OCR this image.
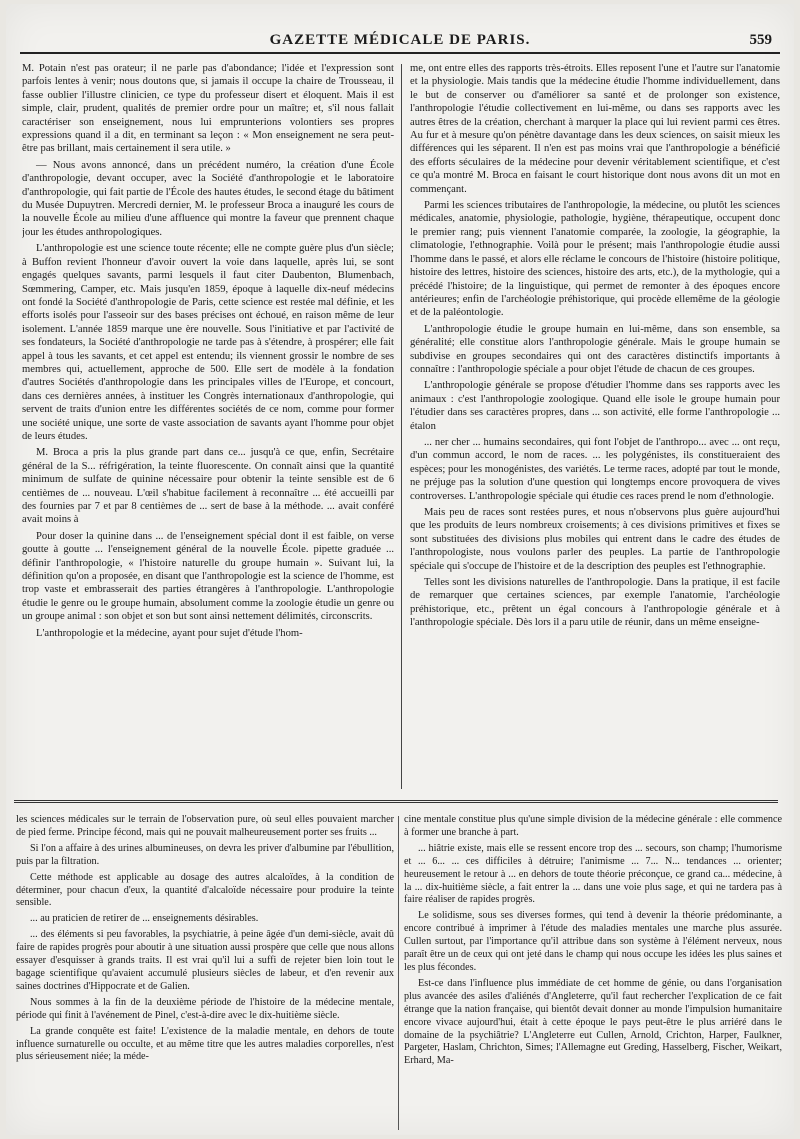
GAZETTE MÉDICALE DE PARIS.	559

M. Potain n'est pas orateur; il ne parle pas d'abondance; l'idée et l'expression sont parfois lentes à venir; nous doutons que, si jamais il occupe la chaire de Trousseau, il fasse oublier l'illustre clinicien, ce type du professeur disert et éloquent. Mais il est simple, clair, prudent, qualités de premier ordre pour un maître; et, s'il nous fallait caractériser son enseignement, nous lui emprunterions volontiers ses propres expressions quand il a dit, en terminant sa leçon : « Mon enseignement ne sera peut-être pas brillant, mais certainement il sera utile. »

— Nous avons annoncé, dans un précédent numéro, la création d'une École d'anthropologie, devant occuper, avec la Société d'anthropologie et le laboratoire d'anthropologie, qui fait partie de l'École des hautes études, le second étage du bâtiment du Musée Dupuytren. Mercredi dernier, M. le professeur Broca a inauguré les cours de la nouvelle École au milieu d'une affluence qui montre la faveur que prennent chaque jour les études anthropologiques.

L'anthropologie est une science toute récente; elle ne compte guère plus d'un siècle; à Buffon revient l'honneur d'avoir ouvert la voie dans laquelle, après lui, se sont engagés quelques savants, parmi lesquels il faut citer Daubenton, Blumenbach, Sœmmering, Camper, etc. Mais jusqu'en 1859, époque à laquelle dix-neuf médecins ont fondé la Société d'anthropologie de Paris, cette science est restée mal définie, et les efforts isolés pour l'asseoir sur des bases précises ont échoué, en raison même de leur isolement. L'année 1859 marque une ère nouvelle. Sous l'initiative et par l'activité de ses fondateurs, la Société d'anthropologie ne tarde pas à s'étendre, à prospérer; elle fait appel à tous les savants, et cet appel est entendu; ils viennent grossir le nombre de ses membres qui, actuellement, approche de 500. Elle sert de modèle à la fondation d'autres Sociétés d'anthropologie dans les principales villes de l'Europe, et concourt, dans ces dernières années, à instituer les Congrès internationaux d'anthropologie, qui servent de traits d'union entre les différentes sociétés de ce nom, comme pour former une société unique, une sorte de vaste association de savants ayant l'homme pour objet de leurs études.

M. Broca a pris la plus grande part dans ce... jusqu'à ce que, enfin, Secrétaire général de la S... réfrigération, la teinte fluorescente. On connaît ainsi que la quantité minimum de sulfate de quinine nécessaire pour obtenir la teinte sensible est de 6 centièmes de ... nouveau. L'œil s'habitue facilement à reconnaître ... été accueilli par des fournies par 7 et par 8 centièmes de ... sert de base à la méthode. ... avait conféré avait moins à

Pour doser la quinine dans ... de l'enseignement spécial dont il est faible, on verse goutte à goutte ... l'enseignement général de la nouvelle École. pipette graduée ... définir l'anthropologie, « l'histoire naturelle du groupe humain ». Suivant lui, la définition qu'on a proposée, en disant que l'anthropologie est la science de l'homme, est trop vaste et embrasserait des parties étrangères à l'anthropologie. L'anthropologie étudie le genre ou le groupe humain, absolument comme la zoologie étudie un genre ou un groupe animal : son objet et son but sont ainsi nettement délimités, circonscrits.

L'anthropologie et la médecine, ayant pour sujet d'étude l'hom-

me, ont entre elles des rapports très-étroits. Elles reposent l'une et l'autre sur l'anatomie et la physiologie. Mais tandis que la médecine étudie l'homme individuellement, dans le but de conserver ou d'améliorer sa santé et de prolonger son existence, l'anthropologie l'étudie collectivement en lui-même, ou dans ses rapports avec les autres êtres de la création, cherchant à marquer la place qui lui revient parmi ces êtres. Au fur et à mesure qu'on pénètre davantage dans les deux sciences, on saisit mieux les différences qui les séparent. Il n'en est pas moins vrai que l'anthropologie a bénéficié des efforts séculaires de la médecine pour devenir véritablement scientifique, et c'est ce qu'a montré M. Broca en faisant le court historique dont nous avons dit un mot en commençant.

Parmi les sciences tributaires de l'anthropologie, la médecine, ou plutôt les sciences médicales, anatomie, physiologie, pathologie, hygiène, thérapeutique, occupent donc le premier rang; puis viennent l'anatomie comparée, la zoologie, la géographie, la climatologie, l'ethnographie. Voilà pour le présent; mais l'anthropologie étudie aussi l'homme dans le passé, et alors elle réclame le concours de l'histoire (histoire politique, histoire des lettres, histoire des sciences, histoire des arts, etc.), de la mythologie, qui a précédé l'histoire; de la linguistique, qui permet de remonter à des époques encore antérieures; enfin de l'archéologie préhistorique, qui procède ellemême de la géologie et de la paléontologie.

L'anthropologie étudie le groupe humain en lui-même, dans son ensemble, sa généralité; elle constitue alors l'anthropologie générale. Mais le groupe humain se subdivise en groupes secondaires qui ont des caractères distinctifs importants à connaître : l'anthropologie spéciale a pour objet l'étude de chacun de ces groupes.

L'anthropologie générale se propose d'étudier l'homme dans ses rapports avec les animaux : c'est l'anthropologie zoologique. Quand elle isole le groupe humain pour l'étudier dans ses caractères propres, dans ... son activité, elle forme l'anthropologie ... étalon

... ner cher ... humains secondaires, qui font l'objet de l'anthropo... avec ... ont reçu, d'un commun accord, le nom de races. ... les polygénistes, ils constitueraient des espèces; pour les monogénistes, des variétés. Le terme races, adopté par tout le monde, ne préjuge pas la solution d'une question qui longtemps encore provoquera de vives controverses. L'anthropologie spéciale qui étudie ces races prend le nom d'ethnologie.

Mais peu de races sont restées pures, et nous n'observons plus guère aujourd'hui que les produits de leurs nombreux croisements; à ces divisions primitives et fixes se sont substituées des divisions plus mobiles qui entrent dans le cadre des études de l'anthropologiste, nous voulons parler des peuples. La partie de l'anthropologie spéciale qui s'occupe de l'histoire et de la description des peuples est l'ethnographie.

Telles sont les divisions naturelles de l'anthropologie. Dans la pratique, il est facile de remarquer que certaines sciences, par exemple l'anatomie, l'archéologie préhistorique, etc., prêtent un égal concours à l'anthropologie générale et à l'anthropologie spéciale. Dès lors il a paru utile de réunir, dans un même enseigne-

les sciences médicales sur le terrain de l'observation pure, où seul elles pouvaient marcher de pied ferme. Principe fécond, mais qui ne pouvait malheureusement porter ses fruits ...

Si l'on a affaire à des urines albumineuses, on devra les priver d'albumine par l'ébullition, puis par la filtration.

Cette méthode est applicable au dosage des autres alcaloïdes, à la condition de déterminer, pour chacun d'eux, la quantité d'alcaloïde nécessaire pour produire la teinte sensible.

... au praticien de retirer de ... enseignements désirables.

... des éléments si peu favorables, la psychiatrie, à peine âgée d'un demi-siècle, avait dû faire de rapides progrès pour aboutir à une situation aussi prospère que celle que nous allons essayer d'esquisser à grands traits. Il est vrai qu'il lui a suffi de rejeter bien loin tout le bagage scientifique qu'avaient accumulé plusieurs siècles de labeur, et d'en revenir aux saines doctrines d'Hippocrate et de Galien.

Nous sommes à la fin de la deuxième période de l'histoire de la médecine mentale, période qui finit à l'avénement de Pinel, c'est-à-dire avec le dix-huitième siècle.

La grande conquête est faite! L'existence de la maladie mentale, en dehors de toute influence surnaturelle ou occulte, et au même titre que les autres maladies corporelles, n'est plus sérieusement niée; la méde-

cine mentale constitue plus qu'une simple division de la médecine générale : elle commence à former une branche à part.

... hiâtrie existe, mais elle se ressent encore trop des ... secours, son champ; l'humorisme et ... 6... ... ces difficiles à détruire; l'animisme ... 7... N... tendances ... orienter; heureusement le retour à ... en dehors de toute théorie préconçue, ce grand ca... médecine, à la ... dix-huitième siècle, a fait entrer la ... dans une voie plus sage, et qui ne tardera pas à faire réaliser de rapides progrès.

Le solidisme, sous ses diverses formes, qui tend à devenir la théorie prédominante, a encore contribué à imprimer à l'étude des maladies mentales une marche plus assurée. Cullen surtout, par l'importance qu'il attribue dans son système à l'élément nerveux, nous paraît être un de ceux qui ont jeté dans le champ qui nous occupe les idées les plus saines et les plus fécondes.

Est-ce dans l'influence plus immédiate de cet homme de génie, ou dans l'organisation plus avancée des asiles d'aliénés d'Angleterre, qu'il faut rechercher l'explication de ce fait étrange que la nation française, qui bientôt devait donner au monde l'impulsion humanitaire encore vivace aujourd'hui, était à cette époque le pays peut-être le plus arriéré dans le domaine de la psychiâtrie? L'Angleterre eut Cullen, Arnold, Crichton, Harper, Faulkner, Pargeter, Haslam, Chrichton, Simes; l'Allemagne eut Greding, Hasselberg, Fischer, Weikart, Erhard, Ma-
